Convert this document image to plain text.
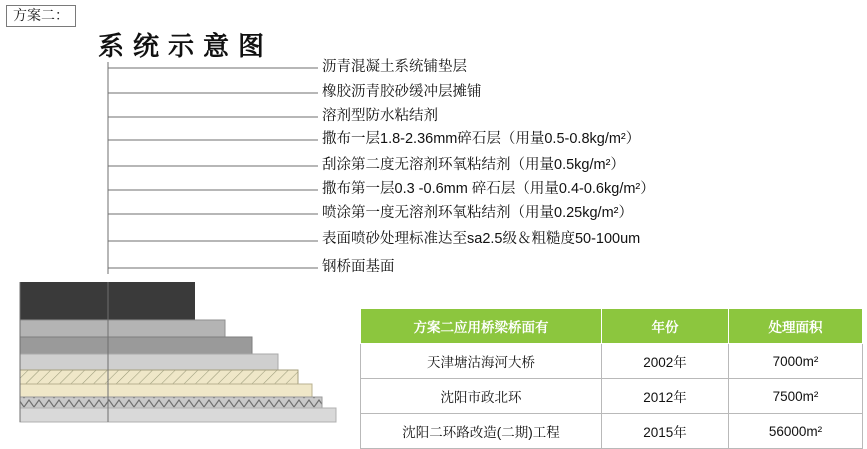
方案二：
系统示意图
沥青混凝土系统铺垫层
橡胶沥青胶砂缓冲层摊铺
溶剂型防水粘结剂
撒布一层1.8-2.36mm碎石层（用量0.5-0.8kg/m²）
刮涂第二度无溶剂环氧粘结剂（用量0.5kg/m²）
撒布第一层0.3 -0.6mm 碎石层（用量0.4-0.6kg/m²）
喷涂第一度无溶剂环氧粘结剂（用量0.25kg/m²）
表面喷砂处理标准达至sa2.5级＆粗糙度50-100um
钢桥面基面
方案二应用桥梁桥面有	年份	处理面积
天津塘沽海河大桥	2002年	7000m²
沈阳市政北环	2012年	7500m²
沈阳二环路改造(二期)工程	2015年	56000m²
